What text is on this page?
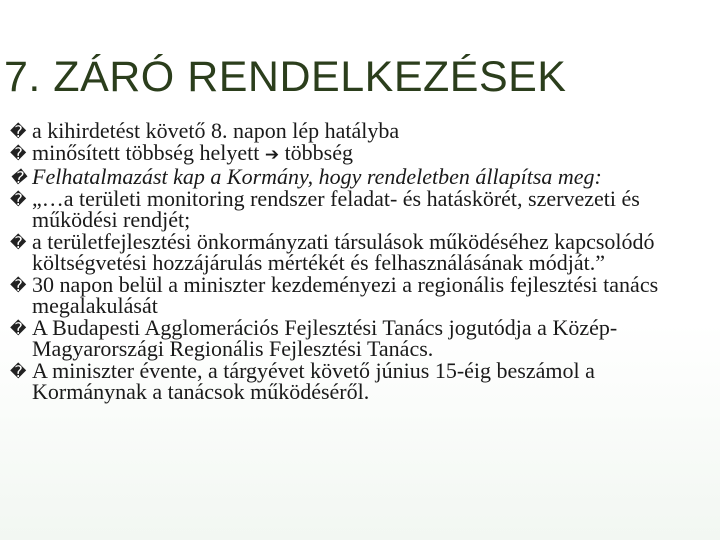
7. ZÁRÓ RENDELKEZÉSEK
� a kihirdetést követő 8. napon lép hatályba
� minősített többség helyett ➔ többség
� Felhatalmazást kap a Kormány, hogy rendeletben állapítsa meg:
� „…a területi monitoring rendszer feladat- és hatáskörét, szervezeti és működési rendjét;
� a területfejlesztési önkormányzati társulások működéséhez kapcsolódó költségvetési hozzájárulás mértékét és felhasználásának módját.”
� 30 napon belül a miniszter kezdeményezi a regionális fejlesztési tanács megalakulását
� A Budapesti Agglomerációs Fejlesztési Tanács jogutódja a Közép-Magyarországi Regionális Fejlesztési Tanács.
� A miniszter évente, a tárgyévet követő június 15-éig beszámol a Kormánynak a tanácsok működéséről.
